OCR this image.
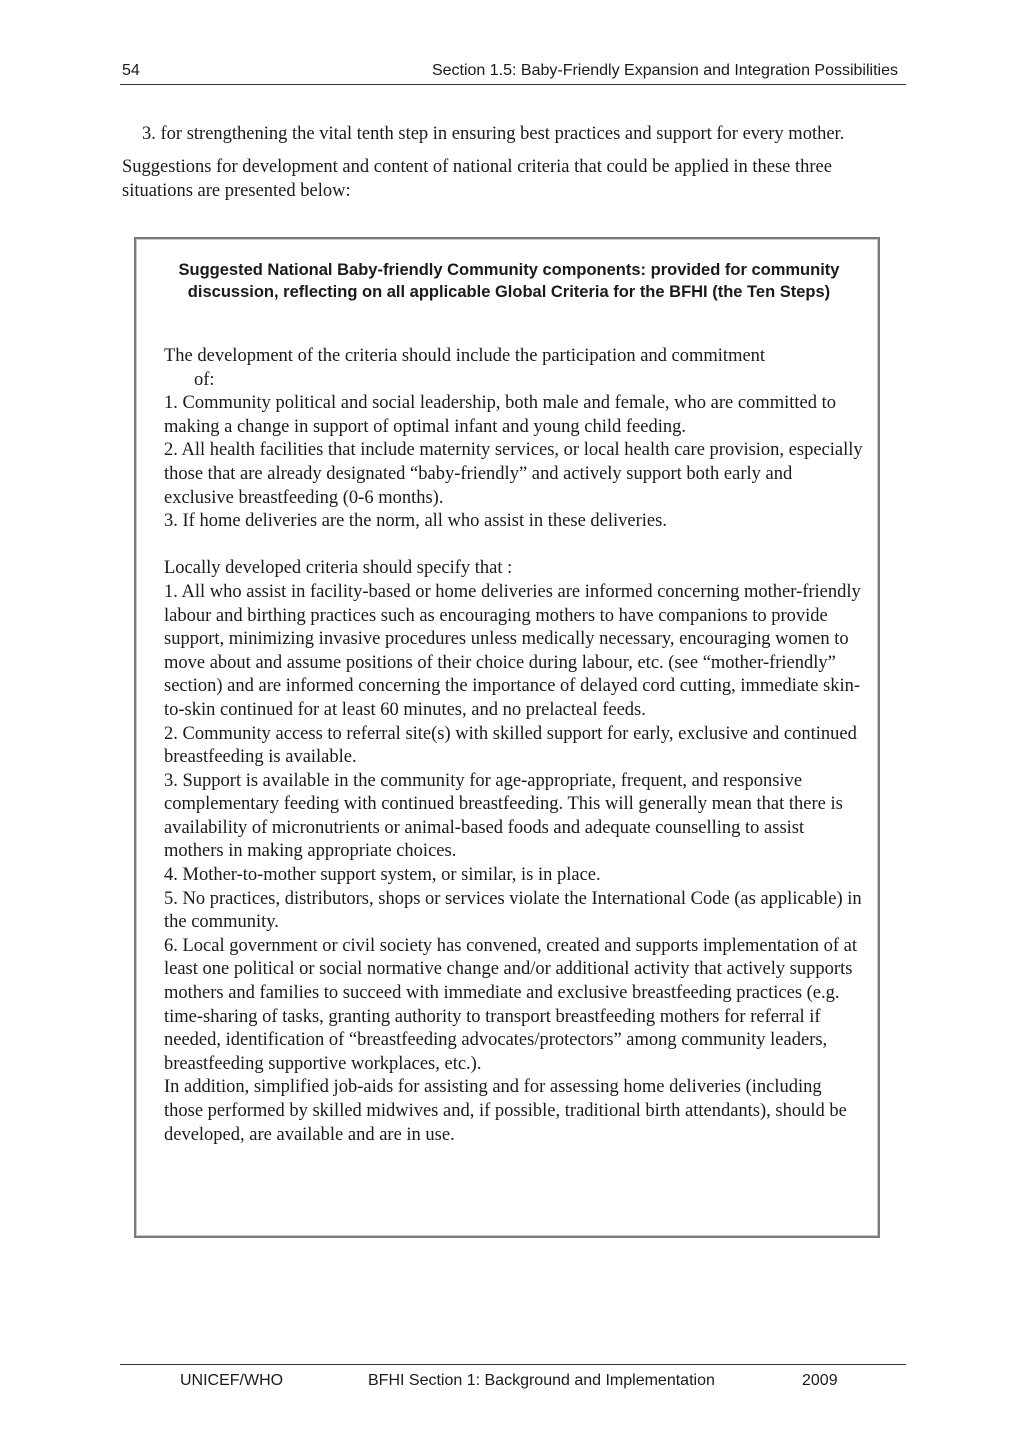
54	Section 1.5: Baby-Friendly Expansion and Integration Possibilities

3. for strengthening the vital tenth step in ensuring best practices and support for every mother.

Suggestions for development and content of national criteria that could be applied in these three situations are presented below:

Suggested National Baby-friendly Community components: provided for community discussion, reflecting on all applicable Global Criteria for the BFHI (the Ten Steps)

The development of the criteria should include the participation and commitment

of:

1. Community political and social leadership, both male and female, who are committed to making a change in support of optimal infant and young child feeding.

2. All health facilities that include maternity services, or local health care provision, especially those that are already designated “baby-friendly” and actively support both early and exclusive breastfeeding (0-6 months).

3. If home deliveries are the norm, all who assist in these deliveries.

Locally developed criteria should specify that :

1. All who assist in facility-based or home deliveries are informed concerning mother-friendly labour and birthing practices such as encouraging mothers to have companions to provide support, minimizing invasive procedures unless medically necessary, encouraging women to move about and assume positions of their choice during labour, etc. (see “mother-friendly” section) and are informed concerning the importance of delayed cord cutting, immediate skin-to-skin continued for at least 60 minutes, and no prelacteal feeds.

2. Community access to referral site(s) with skilled support for early, exclusive and continued breastfeeding is available.

3. Support is available in the community for age-appropriate, frequent, and responsive complementary feeding with continued breastfeeding. This will generally mean that there is availability of micronutrients or animal-based foods and adequate counselling to assist mothers in making appropriate choices.

4. Mother-to-mother support system, or similar, is in place.

5. No practices, distributors, shops or services violate the International Code (as applicable) in the community.

6. Local government or civil society has convened, created and supports implementation of at least one political or social normative change and/or additional activity that actively supports mothers and families to succeed with immediate and exclusive breastfeeding practices (e.g. time-sharing of tasks, granting authority to transport breastfeeding mothers for referral if needed, identification of “breastfeeding advocates/protectors” among community leaders, breastfeeding supportive workplaces, etc.).

In addition, simplified job-aids for assisting and for assessing home deliveries (including those performed by skilled midwives and, if possible, traditional birth attendants), should be developed, are available and are in use.

UNICEF/WHO	BFHI Section 1: Background and Implementation	2009
